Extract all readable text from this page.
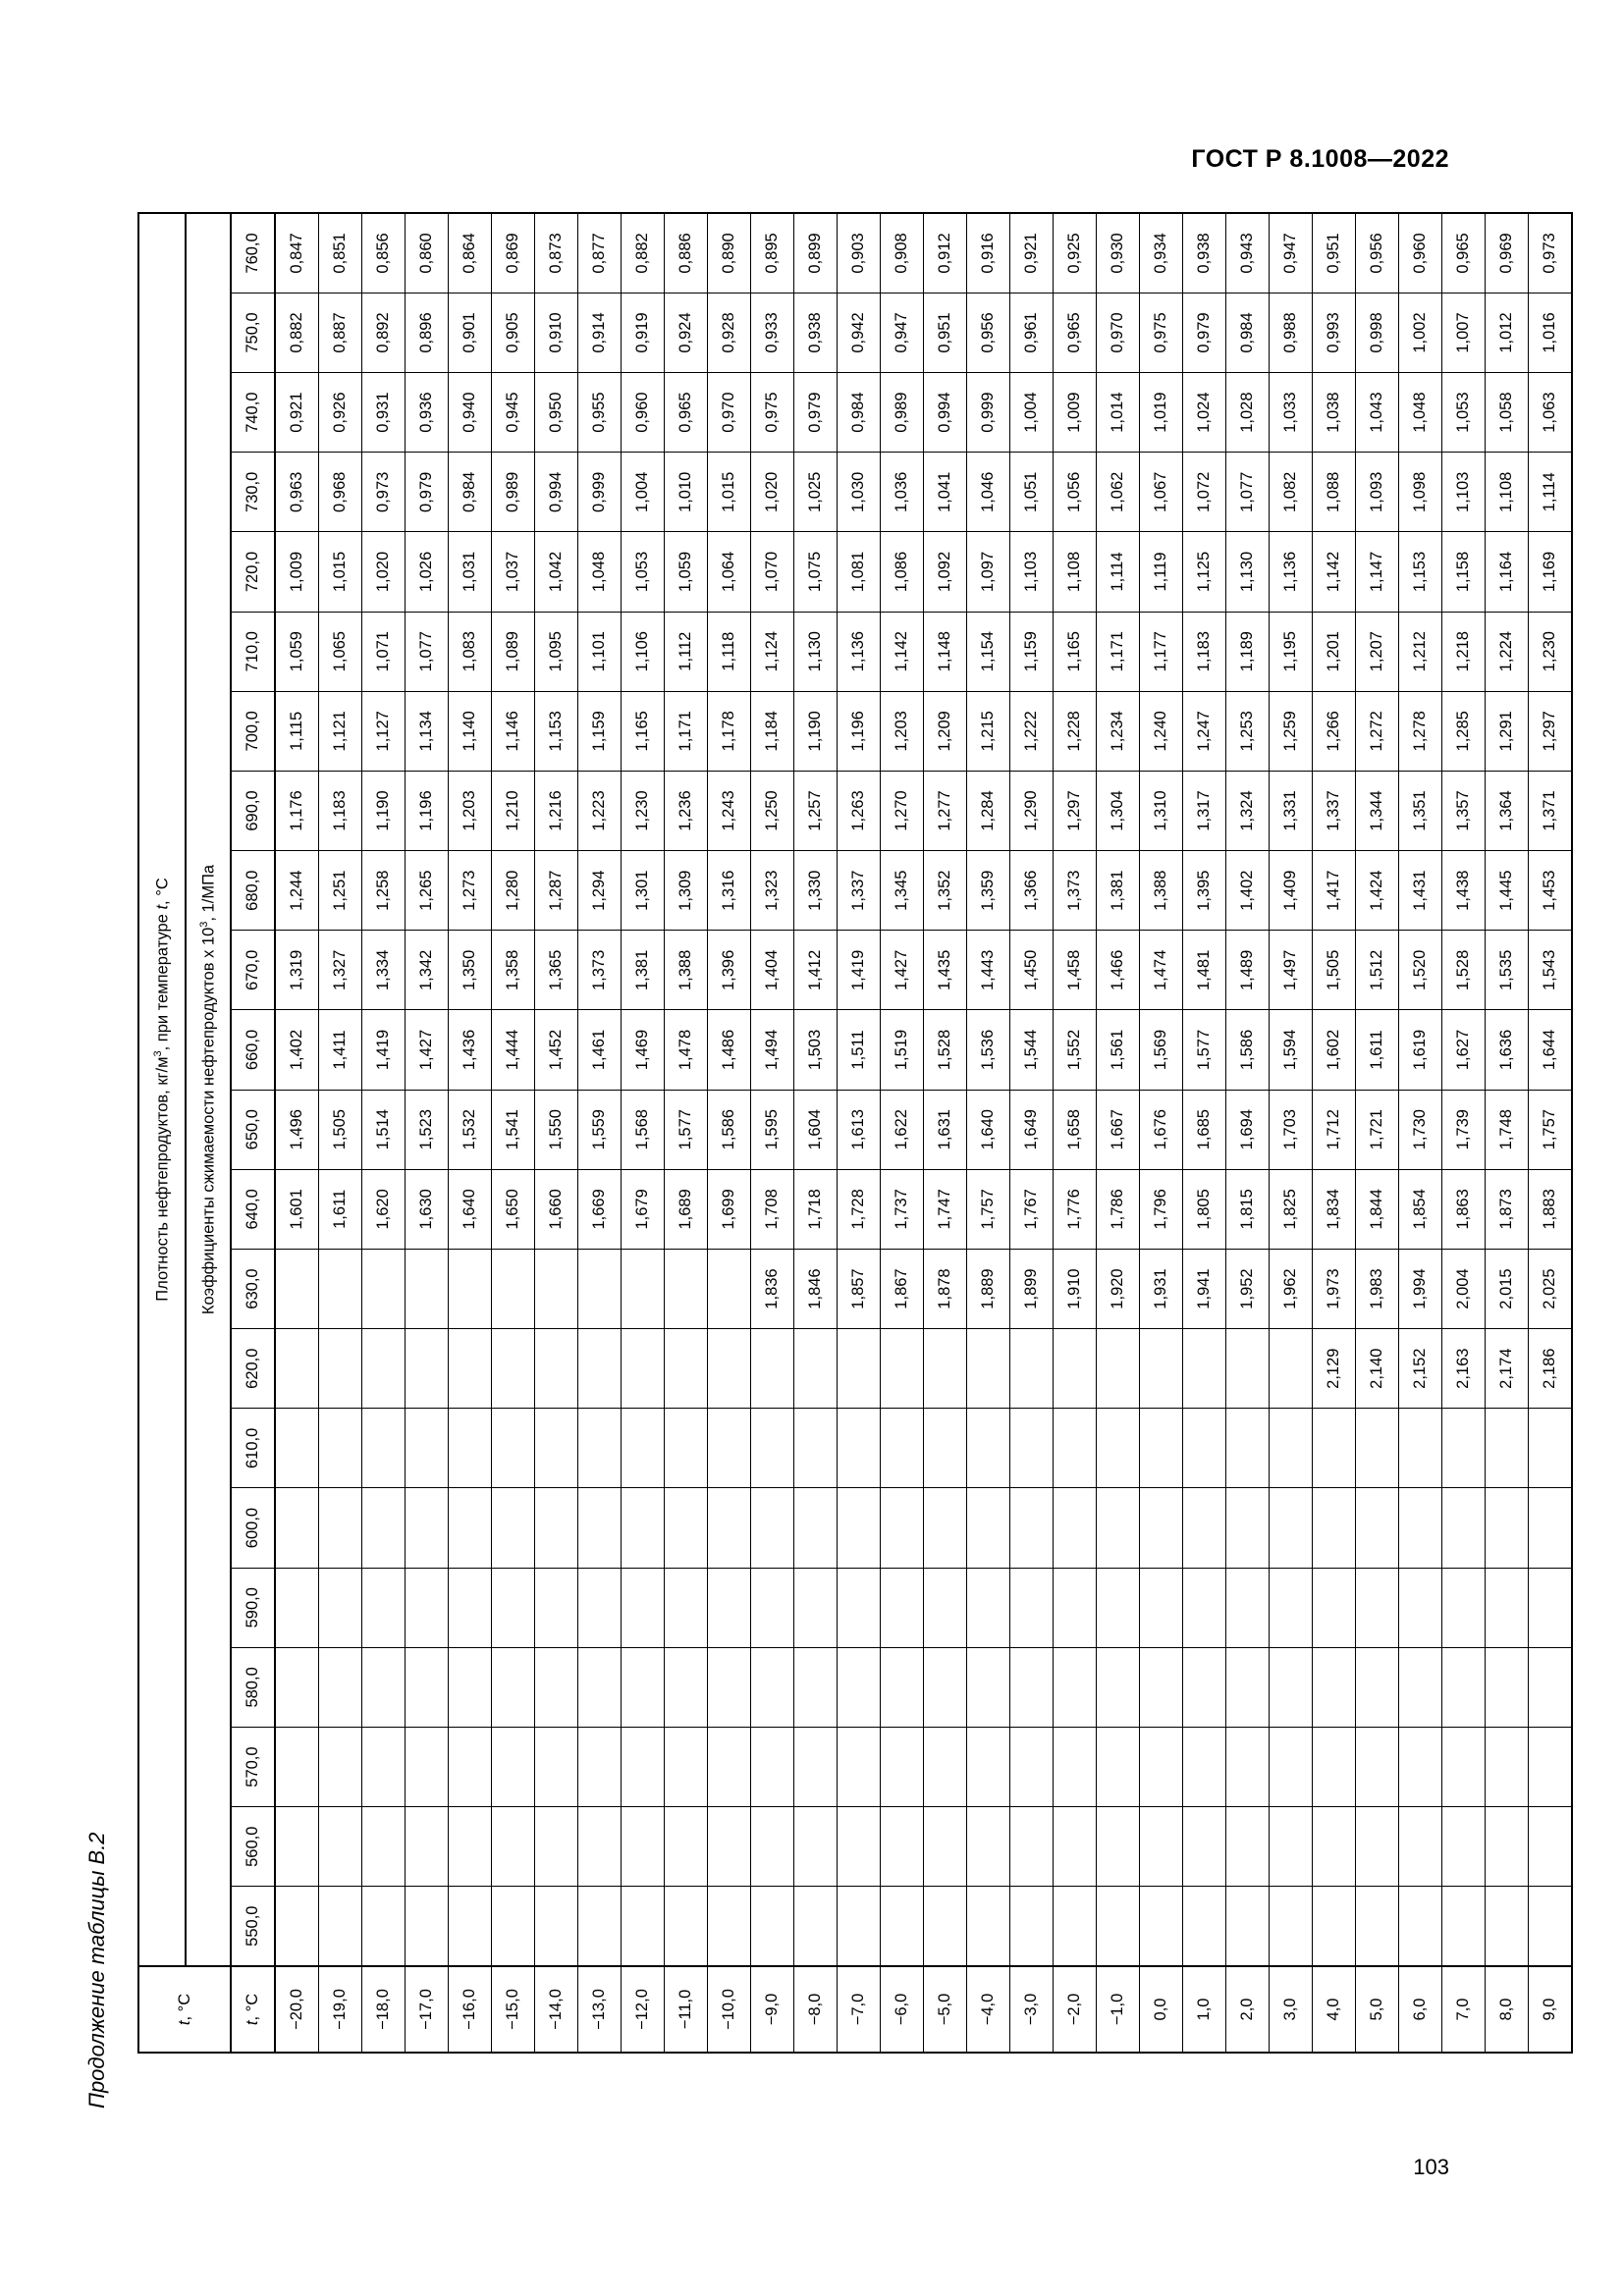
ГОСТ Р 8.1008—2022
Продолжение таблицы В.2	t, °C	Плотность нефтепродуктов, $кг/м^3$, при температуре t, °C																					
	Коэффициенты сжимаемости нефтепродуктов х $10^3$, 1/МПа																					
t, °C	550,0	560,0	570,0	580,0	590,0	600,0	610,0	620,0	630,0	640,0	650,0	660,0	670,0	680,0	690,0	700,0	710,0	720,0	730,0	740,0	750,0	760,0
−20,0										1,601	1,496	1,402	1,319	1,244	1,176	1,115	1,059	1,009	0,963	0,921	0,882	0,847
−19,0										1,611	1,505	1,411	1,327	1,251	1,183	1,121	1,065	1,015	0,968	0,926	0,887	0,851
−18,0										1,620	1,514	1,419	1,334	1,258	1,190	1,127	1,071	1,020	0,973	0,931	0,892	0,856
−17,0										1,630	1,523	1,427	1,342	1,265	1,196	1,134	1,077	1,026	0,979	0,936	0,896	0,860
−16,0										1,640	1,532	1,436	1,350	1,273	1,203	1,140	1,083	1,031	0,984	0,940	0,901	0,864
−15,0										1,650	1,541	1,444	1,358	1,280	1,210	1,146	1,089	1,037	0,989	0,945	0,905	0,869
−14,0										1,660	1,550	1,452	1,365	1,287	1,216	1,153	1,095	1,042	0,994	0,950	0,910	0,873
−13,0										1,669	1,559	1,461	1,373	1,294	1,223	1,159	1,101	1,048	0,999	0,955	0,914	0,877
−12,0										1,679	1,568	1,469	1,381	1,301	1,230	1,165	1,106	1,053	1,004	0,960	0,919	0,882
−11,0										1,689	1,577	1,478	1,388	1,309	1,236	1,171	1,112	1,059	1,010	0,965	0,924	0,886
−10,0										1,699	1,586	1,486	1,396	1,316	1,243	1,178	1,118	1,064	1,015	0,970	0,928	0,890
−9,0									1,836	1,708	1,595	1,494	1,404	1,323	1,250	1,184	1,124	1,070	1,020	0,975	0,933	0,895
−8,0									1,846	1,718	1,604	1,503	1,412	1,330	1,257	1,190	1,130	1,075	1,025	0,979	0,938	0,899
−7,0									1,857	1,728	1,613	1,511	1,419	1,337	1,263	1,196	1,136	1,081	1,030	0,984	0,942	0,903
−6,0									1,867	1,737	1,622	1,519	1,427	1,345	1,270	1,203	1,142	1,086	1,036	0,989	0,947	0,908
−5,0									1,878	1,747	1,631	1,528	1,435	1,352	1,277	1,209	1,148	1,092	1,041	0,994	0,951	0,912
−4,0									1,889	1,757	1,640	1,536	1,443	1,359	1,284	1,215	1,154	1,097	1,046	0,999	0,956	0,916
−3,0									1,899	1,767	1,649	1,544	1,450	1,366	1,290	1,222	1,159	1,103	1,051	1,004	0,961	0,921
−2,0									1,910	1,776	1,658	1,552	1,458	1,373	1,297	1,228	1,165	1,108	1,056	1,009	0,965	0,925
−1,0									1,920	1,786	1,667	1,561	1,466	1,381	1,304	1,234	1,171	1,114	1,062	1,014	0,970	0,930
0,0									1,931	1,796	1,676	1,569	1,474	1,388	1,310	1,240	1,177	1,119	1,067	1,019	0,975	0,934
1,0									1,941	1,805	1,685	1,577	1,481	1,395	1,317	1,247	1,183	1,125	1,072	1,024	0,979	0,938
2,0									1,952	1,815	1,694	1,586	1,489	1,402	1,324	1,253	1,189	1,130	1,077	1,028	0,984	0,943
3,0									1,962	1,825	1,703	1,594	1,497	1,409	1,331	1,259	1,195	1,136	1,082	1,033	0,988	0,947
4,0								2,129	1,973	1,834	1,712	1,602	1,505	1,417	1,337	1,266	1,201	1,142	1,088	1,038	0,993	0,951
5,0								2,140	1,983	1,844	1,721	1,611	1,512	1,424	1,344	1,272	1,207	1,147	1,093	1,043	0,998	0,956
6,0								2,152	1,994	1,854	1,730	1,619	1,520	1,431	1,351	1,278	1,212	1,153	1,098	1,048	1,002	0,960
7,0								2,163	2,004	1,863	1,739	1,627	1,528	1,438	1,357	1,285	1,218	1,158	1,103	1,053	1,007	0,965
8,0								2,174	2,015	1,873	1,748	1,636	1,535	1,445	1,364	1,291	1,224	1,164	1,108	1,058	1,012	0,969
9,0								2,186	2,025	1,883	1,757	1,644	1,543	1,453	1,371	1,297	1,230	1,169	1,114	1,063	1,016	0,973
103
